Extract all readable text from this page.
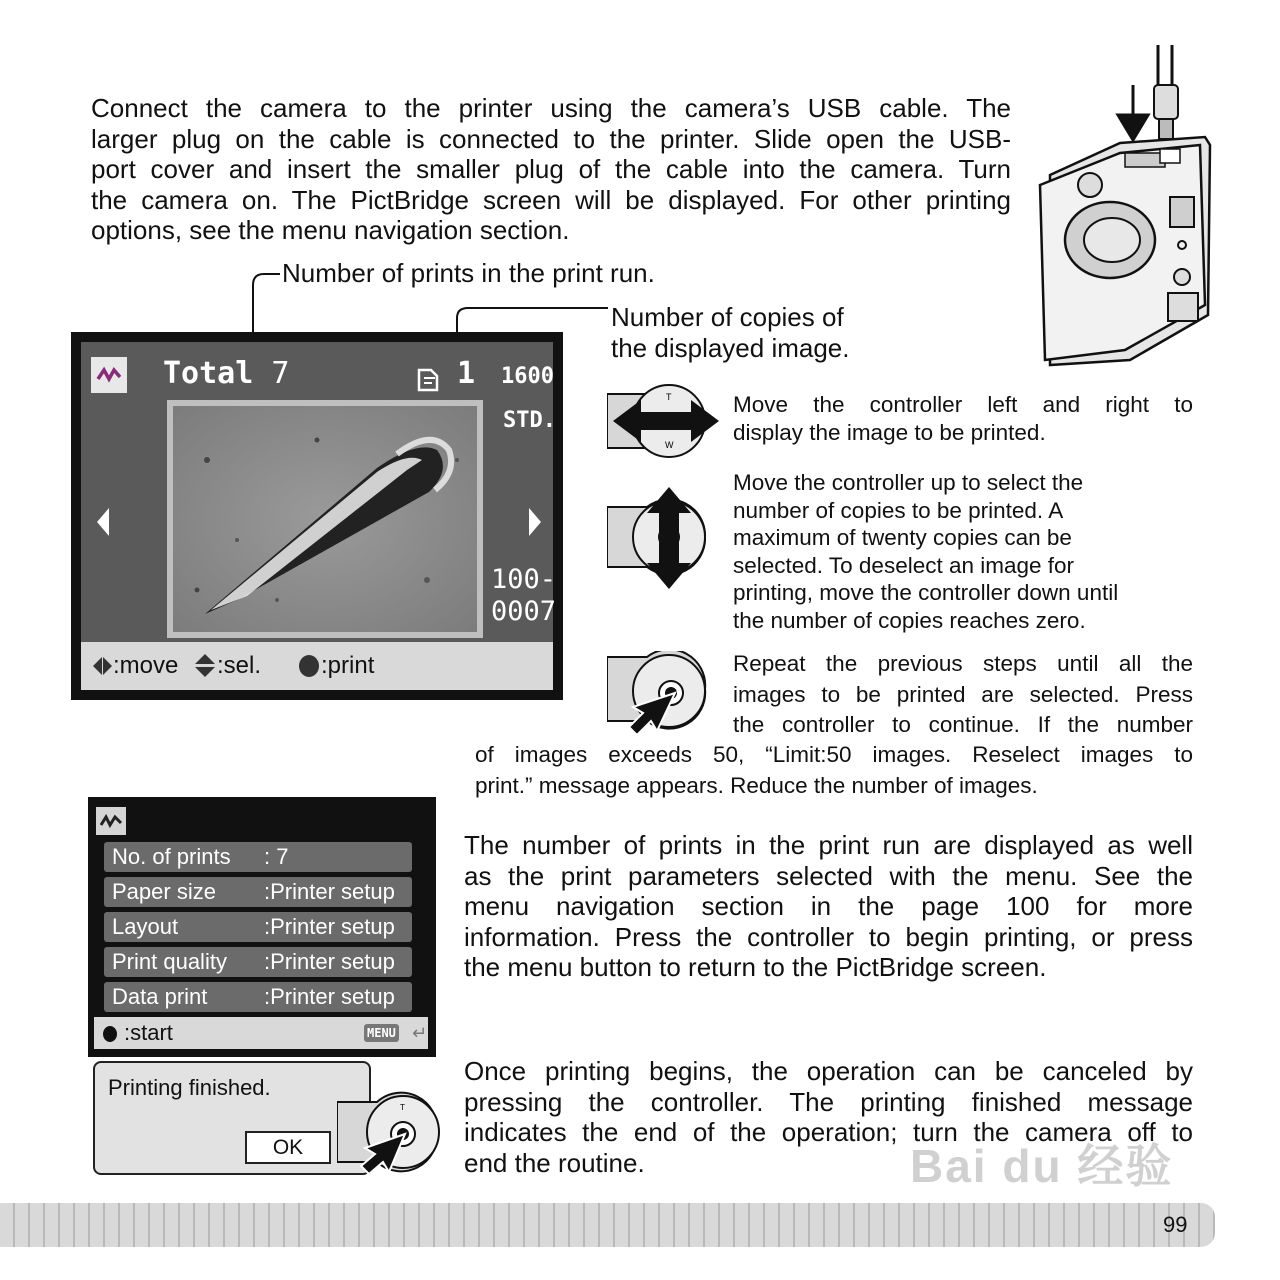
Connect the camera to the printer using the camera’s USB cable. The
larger plug on the cable is connected to the printer. Slide open the USB-
port cover and insert the smaller plug of the cable into the camera. Turn
the camera on. The PictBridge screen will be displayed. For other printing
options, see the menu navigation section.
Number of prints in the print run.
Number of copies of
the displayed image.
Total 7	1 1600
STD.
100-
0007
:move :sel. :print
T
W
Move the controller left and right to
display the image to be printed.
Move the controller up to select the
number of copies to be printed. A
maximum of twenty copies can be
selected. To deselect an image for
printing, move the controller down until
the number of copies reaches zero.
Repeat the previous steps until all the
images to be printed are selected. Press
the controller to continue. If the number
of images exceeds 50, “Limit:50 images. Reselect images to
print.” message appears. Reduce the number of images.
No. of prints : 7
Paper size :Printer setup
Layout	:Printer setup
Print quality :Printer setup
Data print	:Printer setup
:start	MENU ↵
The number of prints in the print run are displayed as well
as the print parameters selected with the menu. See the
menu navigation section in the page 100 for more
information. Press the controller to begin printing, or press
the menu button to return to the PictBridge screen.
Printing finished.
OK
T
Once printing begins, the operation can be canceled by
pressing the controller. The printing finished message
indicates the end of the operation; turn the camera off to
end the routine.	Bai du 经验
99
